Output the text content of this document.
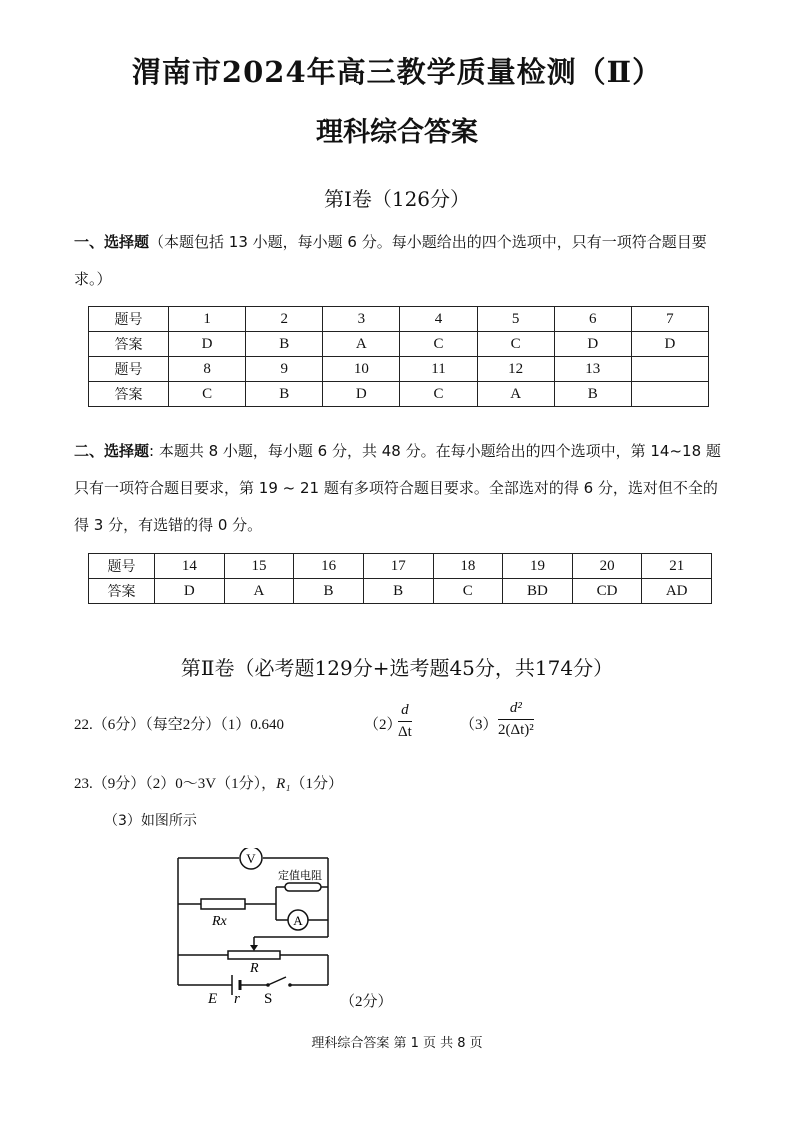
渭南市2024年高三教学质量检测（Ⅱ）
理科综合答案
第Ⅰ卷（126分）
一、选择题（本题包括 13 小题，每小题 6 分。每小题给出的四个选项中，只有一项符合题目要求。）
题号	1	2	3	4	5	6	7
答案	D	B	A	C	C	D	D
题号	8	9	10	11	12	13	
答案	C	B	D	C	A	B	
二、选择题: 本题共 8 小题，每小题 6 分，共 48 分。在每小题给出的四个选项中，第 14~18 题只有一项符合题目要求，第 19 ~ 21 题有多项符合题目要求。全部选对的得 6 分，选对但不全的得 3 分，有选错的得 0 分。
题号	14	15	16	17	18	19	20	21
答案	D	A	B	B	C	BD	CD	AD
第Ⅱ卷（必考题129分+选考题45分，共174分）
22.（6分）（每空2分）（1）0.640	（2）
$\frac{d}{\Delta t}$	$(3) \frac{\text{d²}}{\text{2(Δt)²}}$
23.（9分）（2）0～3V（1分），R₁（1分）
（3）如图所示
V
A
定值电阻
Rx
R
E r S	（2分）
理科综合答案 第 1 页 共 8 页
